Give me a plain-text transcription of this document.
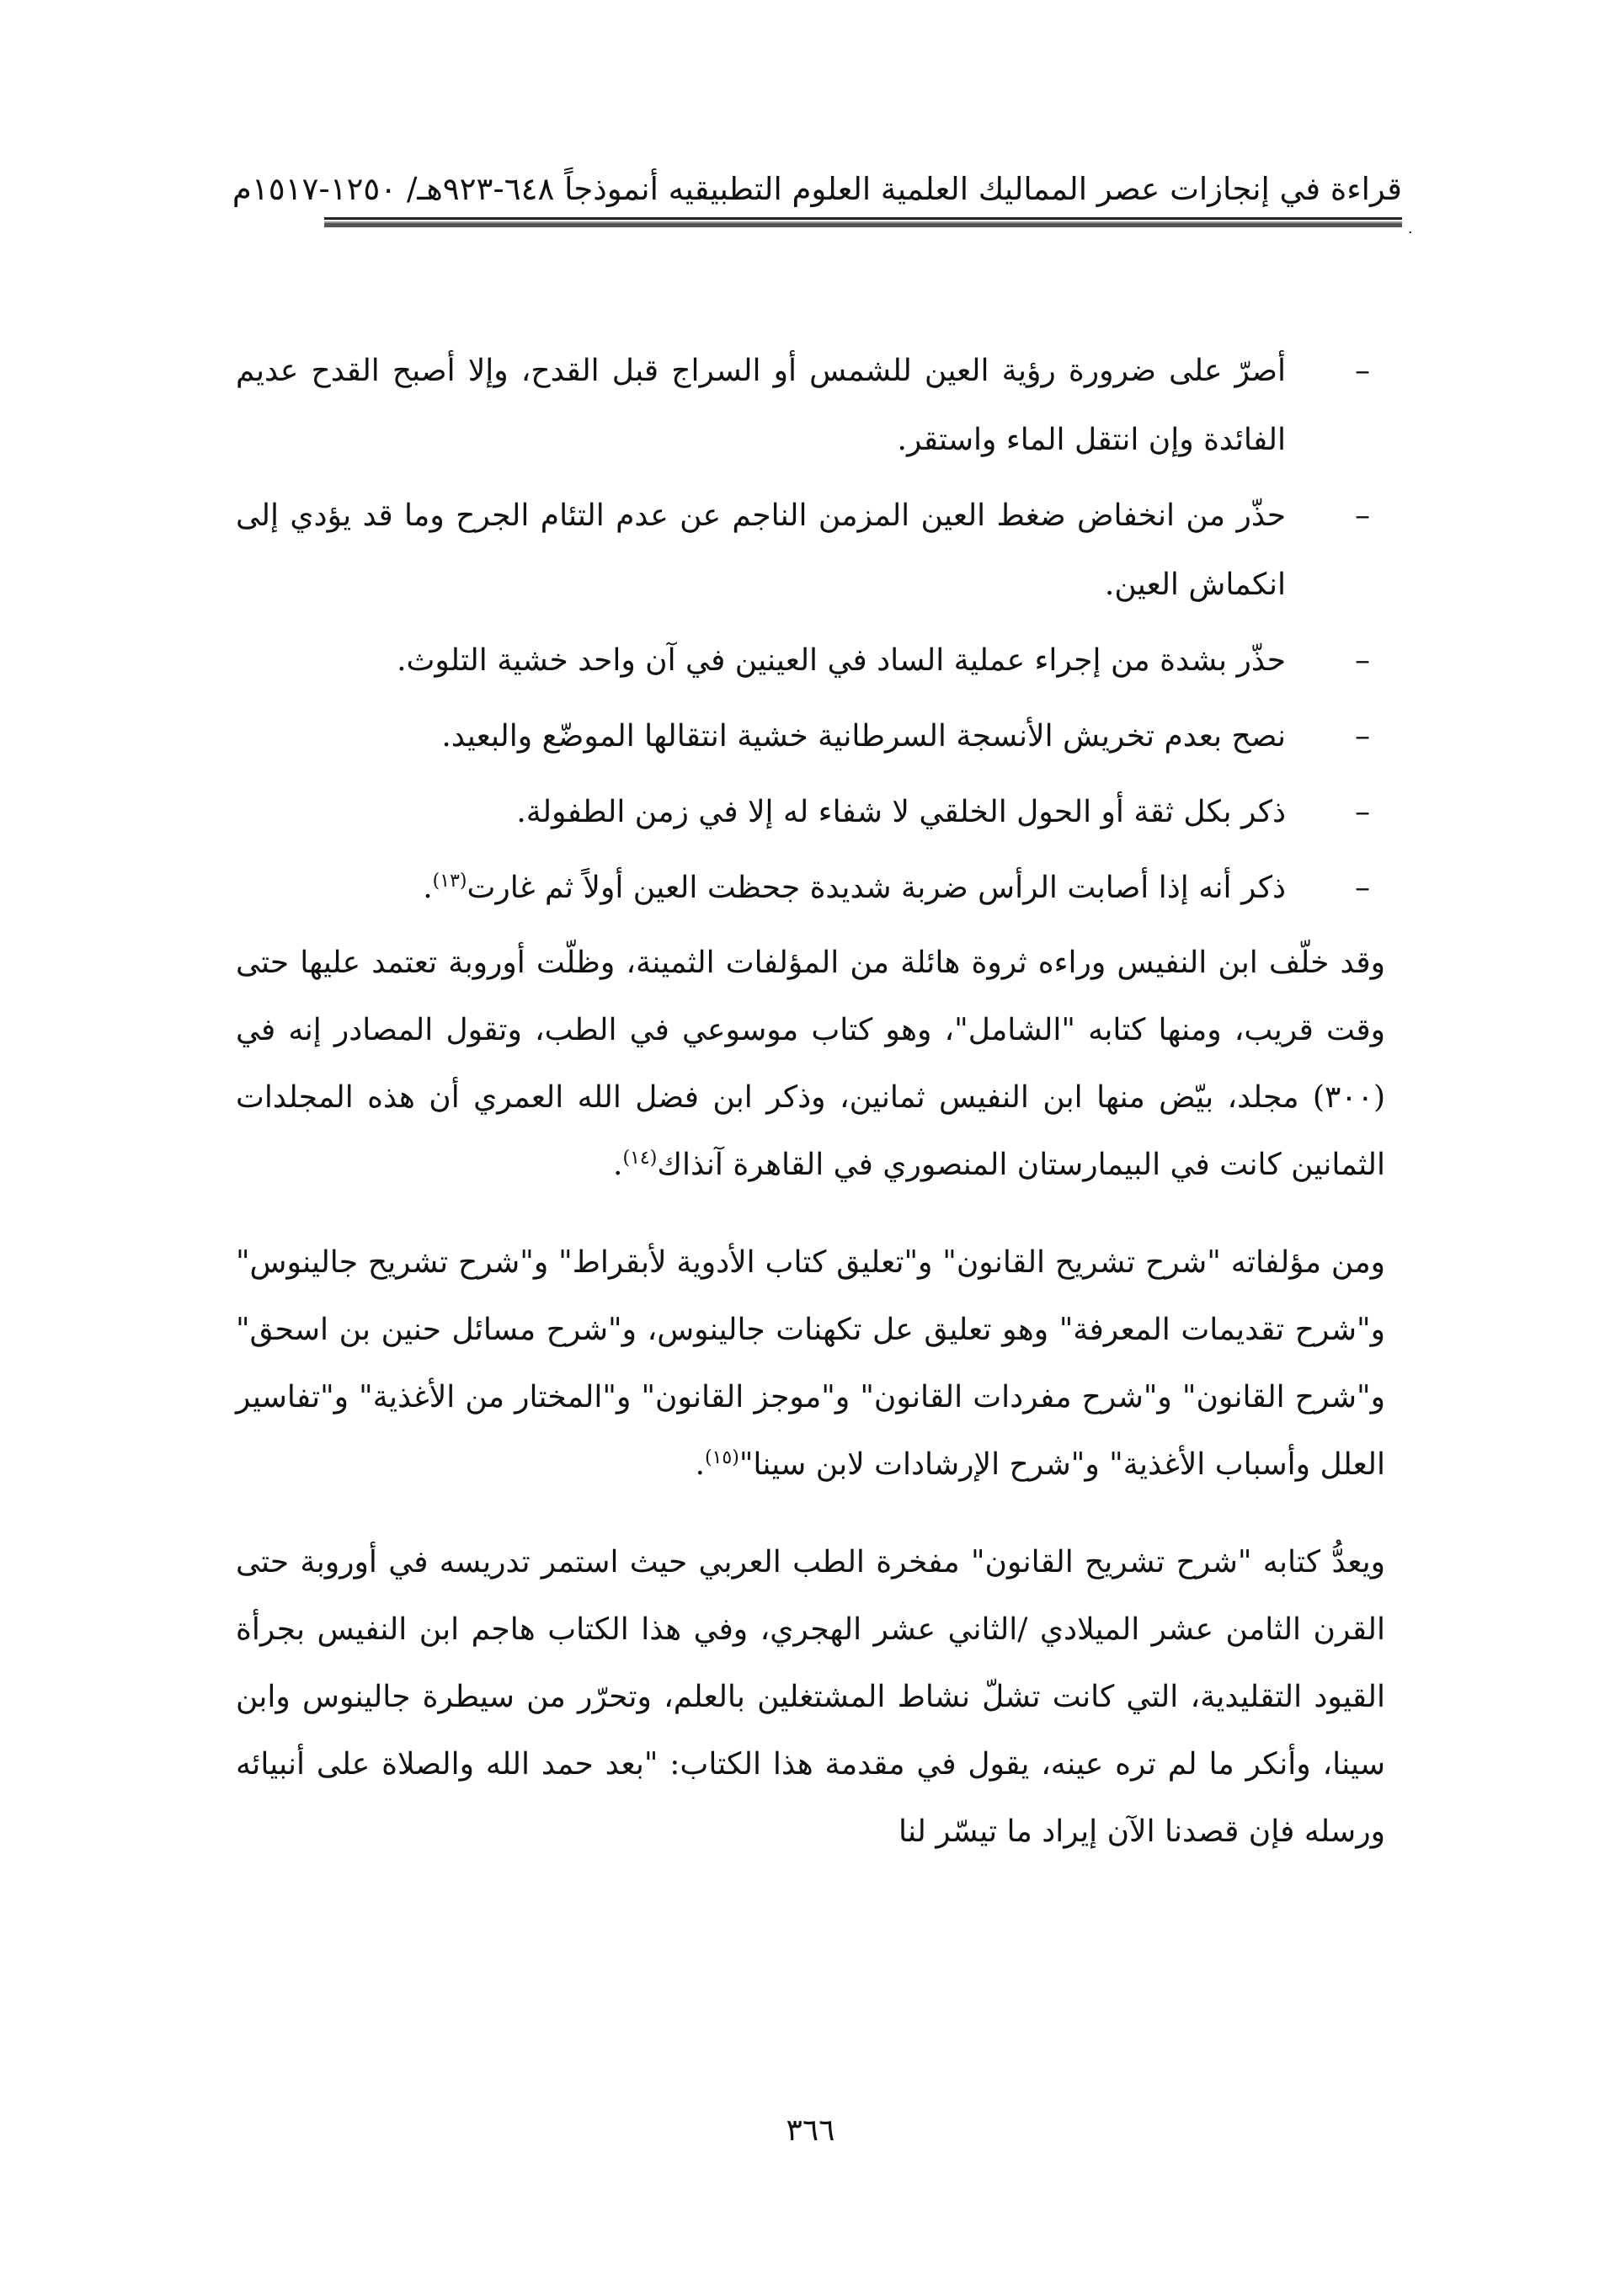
قراءة في إنجازات عصر المماليك العلمية العلوم التطبيقيه أنموذجاً ٦٤٨-٩٢٣هـ/ ١٢٥٠-١٥١٧م
·
–
أصرّ على ضرورة رؤية العين للشمس أو السراج قبل القدح، وإلا أصبح القدح عديم الفائدة وإن انتقل الماء واستقر.
–
حذّر من انخفاض ضغط العين المزمن الناجم عن عدم التئام الجرح وما قد يؤدي إلى انكماش العين.
–
حذّر بشدة من إجراء عملية الساد في العينين في آن واحد خشية التلوث.
–
نصح بعدم تخريش الأنسجة السرطانية خشية انتقالها الموضّع والبعيد.
–
ذكر بكل ثقة أو الحول الخلقي لا شفاء له إلا في زمن الطفولة.
–
ذكر أنه إذا أصابت الرأس ضربة شديدة جحظت العين أولاً ثم غارت$^{(١٣)}$.

وقد خلّف ابن النفيس وراءه ثروة هائلة من المؤلفات الثمينة، وظلّت أوروبة تعتمد عليها حتى وقت قريب، ومنها كتابه "الشامل"، وهو كتاب موسوعي في الطب، وتقول المصادر إنه في (٣٠٠) مجلد، بيّض منها ابن النفيس ثمانين، وذكر ابن فضل الله العمري أن هذه المجلدات الثمانين كانت في البيمارستان المنصوري في القاهرة آنذاك$^{(١٤)}$.

ومن مؤلفاته "شرح تشريح القانون" و"تعليق كتاب الأدوية لأبقراط" و"شرح تشريح جالينوس" و"شرح تقديمات المعرفة" وهو تعليق عل تكهنات جالينوس، و"شرح مسائل حنين بن اسحق" و"شرح القانون" و"شرح مفردات القانون" و"موجز القانون" و"المختار من الأغذية" و"تفاسير العلل وأسباب الأغذية" و"شرح الإرشادات لابن سينا"$^{(١٥)}$.

ويعدُّ كتابه "شرح تشريح القانون" مفخرة الطب العربي حيث استمر تدريسه في أوروبة حتى القرن الثامن عشر الميلادي /الثاني عشر الهجري، وفي هذا الكتاب هاجم ابن النفيس بجرأة القيود التقليدية، التي كانت تشلّ نشاط المشتغلين بالعلم، وتحرّر من سيطرة جالينوس وابن سينا، وأنكر ما لم تره عينه، يقول في مقدمة هذا الكتاب: "بعد حمد الله والصلاة على أنبيائه ورسله فإن قصدنا الآن إيراد ما تيسّر لنا

٣٦٦
